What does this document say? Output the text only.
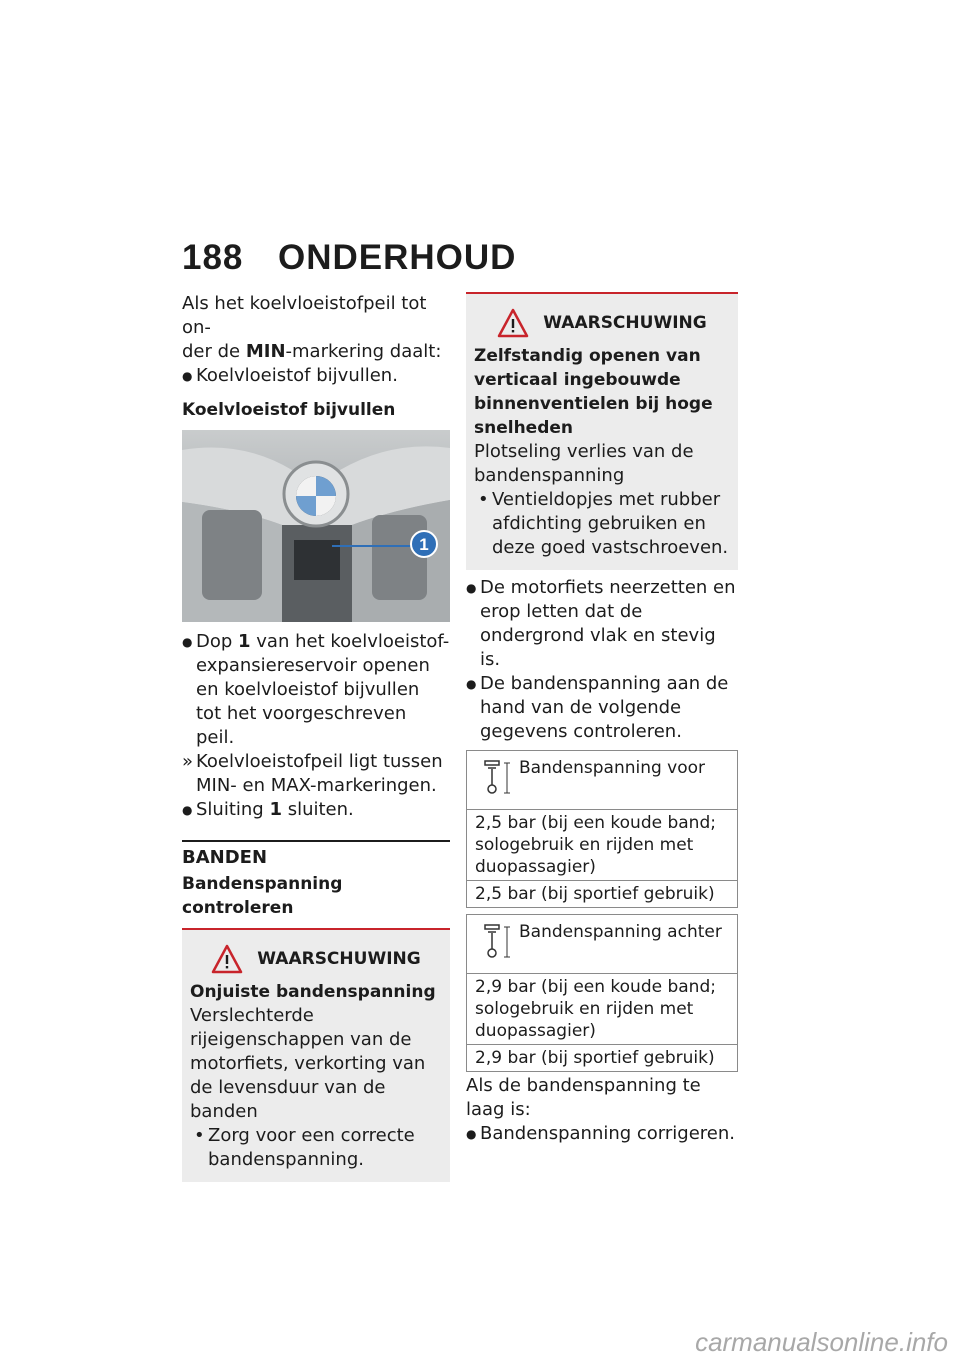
188 ONDERHOUD

Als het koelvloeistofpeil tot on-
der de MIN-markering daalt:

● Koelvloeistof bijvullen.

Koelvloeistof bijvullen

1

● Dop 1 van het koelvloeistof-expansiereservoir openen en koelvloeistof bijvullen tot het voorgeschreven peil.

» Koelvloeistofpeil ligt tussen MIN- en MAX-markeringen.

● Sluiting 1 sluiten.

BANDEN

Bandenspanning controleren

WAARSCHUWING

Onjuiste bandenspanning

Verslechterde rijeigenschappen van de motorfiets, verkorting van de levensduur van de banden

• Zorg voor een correcte bandenspanning.

WAARSCHUWING

Zelfstandig openen van verticaal ingebouwde binnenventielen bij hoge snelheden

Plotseling verlies van de bandenspanning

• Ventieldopjes met rubber afdichting gebruiken en deze goed vastschroeven.

● De motorfiets neerzetten en erop letten dat de ondergrond vlak en stevig is.

● De bandenspanning aan de hand van de volgende gegevens controleren.

Bandenspanning voor

2,5 bar (bij een koude band; sologebruik en rijden met duopassagier)
2,5 bar (bij sportief gebruik)
Bandenspanning achter

2,9 bar (bij een koude band; sologebruik en rijden met duopassagier)
2,9 bar (bij sportief gebruik)

Als de bandenspanning te laag is:

● Bandenspanning corrigeren.

carmanualsonline.info
